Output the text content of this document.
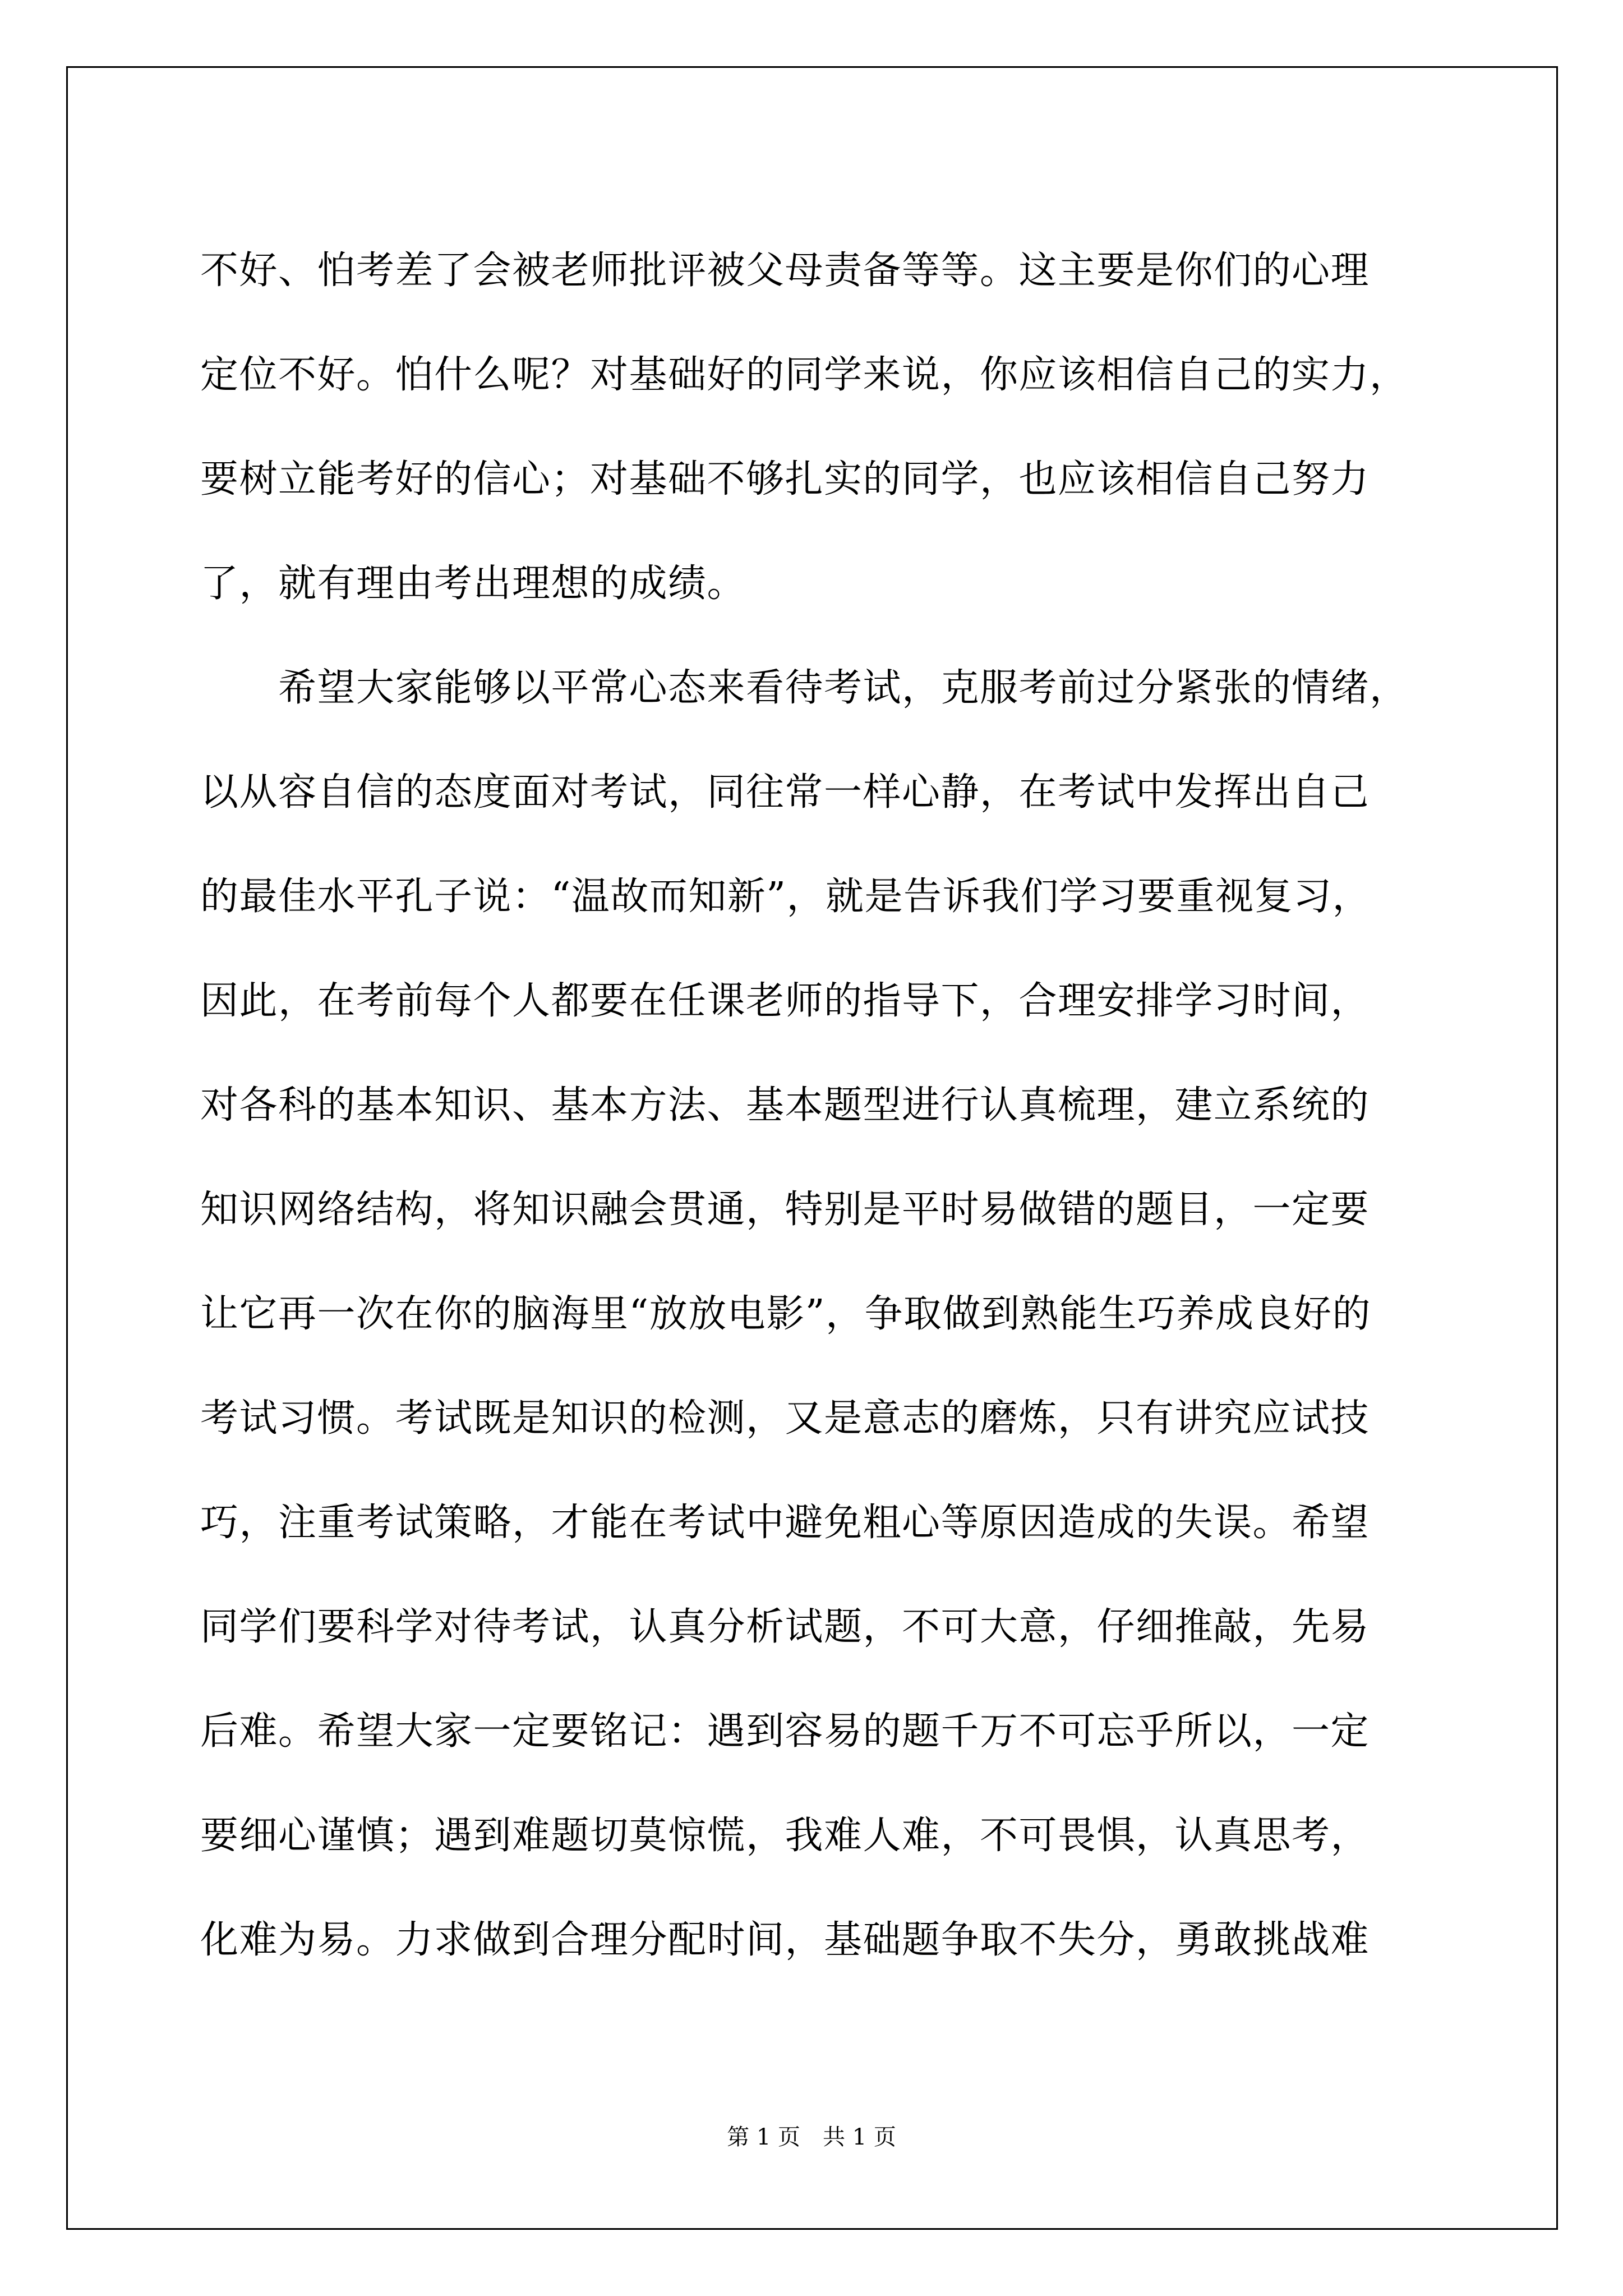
不好、怕考差了会被老师批评被父母责备等等。这主要是你们的心理
定位不好。怕什么呢？对基础好的同学来说，你应该相信自己的实力，
要树立能考好的信心；对基础不够扎实的同学，也应该相信自己努力
了，就有理由考出理想的成绩。
　　希望大家能够以平常心态来看待考试，克服考前过分紧张的情绪，
以从容自信的态度面对考试，同往常一样心静，在考试中发挥出自己
的最佳水平孔子说：“温故而知新”，就是告诉我们学习要重视复习，
因此，在考前每个人都要在任课老师的指导下，合理安排学习时间，
对各科的基本知识、基本方法、基本题型进行认真梳理，建立系统的
知识网络结构，将知识融会贯通，特别是平时易做错的题目，一定要
让它再一次在你的脑海里“放放电影”，争取做到熟能生巧养成良好的
考试习惯。考试既是知识的检测，又是意志的磨炼，只有讲究应试技
巧，注重考试策略，才能在考试中避免粗心等原因造成的失误。希望
同学们要科学对待考试，认真分析试题，不可大意，仔细推敲，先易
后难。希望大家一定要铭记：遇到容易的题千万不可忘乎所以，一定
要细心谨慎；遇到难题切莫惊慌，我难人难，不可畏惧，认真思考，
化难为易。力求做到合理分配时间，基础题争取不失分，勇敢挑战难
第 1 页　共 1 页
